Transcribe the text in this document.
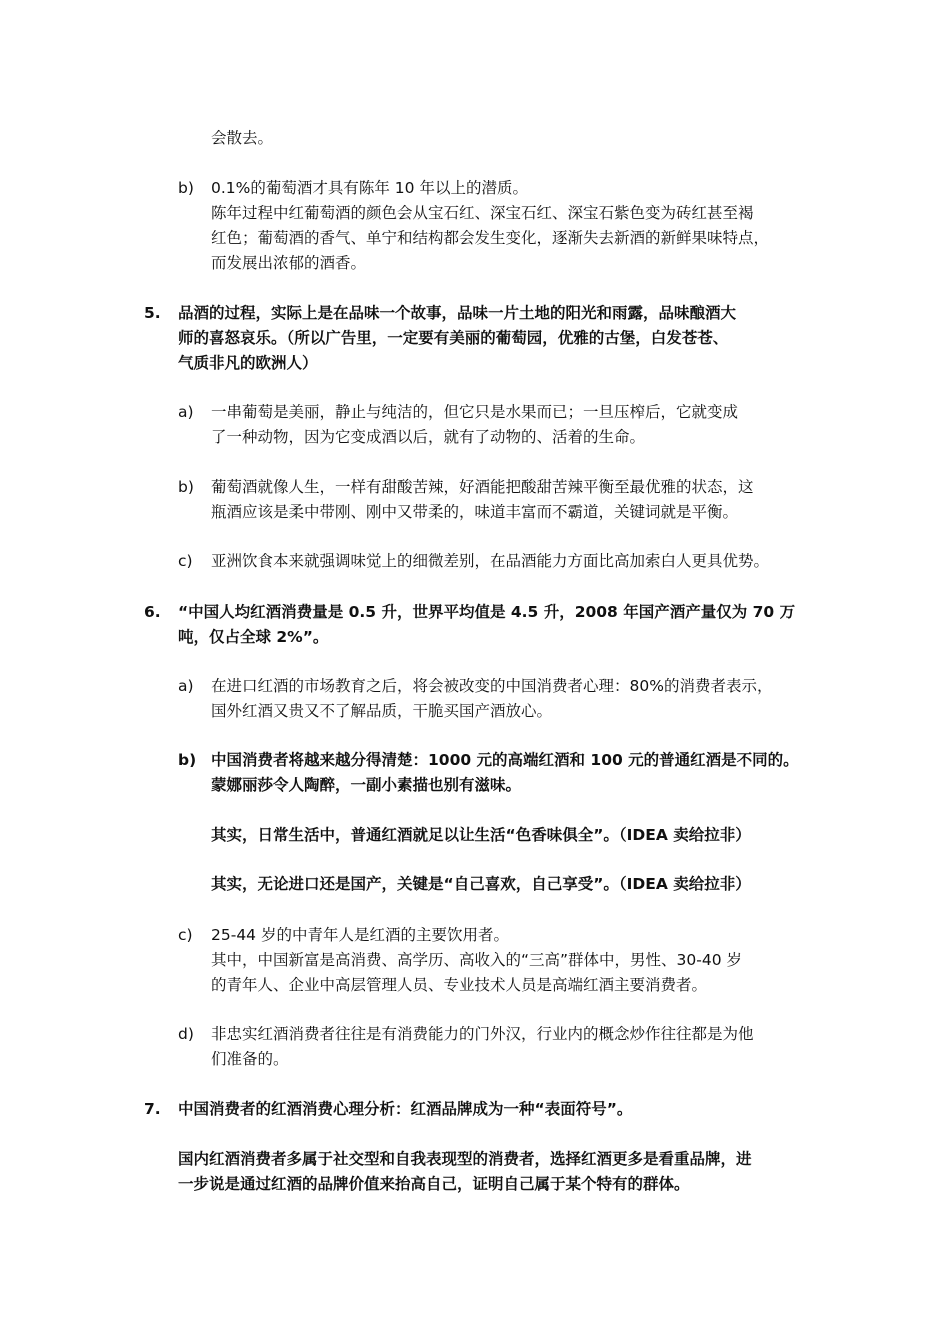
会散去。
b)	0.1%的葡萄酒才具有陈年 10 年以上的潜质。
陈年过程中红葡萄酒的颜色会从宝石红、深宝石红、深宝石紫色变为砖红甚至褐
红色；葡萄酒的香气、单宁和结构都会发生变化，逐渐失去新酒的新鲜果味特点，
而发展出浓郁的酒香。
5.	品酒的过程，实际上是在品味一个故事，品味一片土地的阳光和雨露，品味酿酒大
师的喜怒哀乐。（所以广告里，一定要有美丽的葡萄园，优雅的古堡，白发苍苍、
气质非凡的欧洲人）
a)	一串葡萄是美丽，静止与纯洁的，但它只是水果而已；一旦压榨后，它就变成
了一种动物，因为它变成酒以后，就有了动物的、活着的生命。
b)	葡萄酒就像人生，一样有甜酸苦辣，好酒能把酸甜苦辣平衡至最优雅的状态，这
瓶酒应该是柔中带刚、刚中又带柔的，味道丰富而不霸道，关键词就是平衡。
c)	亚洲饮食本来就强调味觉上的细微差别，在品酒能力方面比高加索白人更具优势。
6.	“中国人均红酒消费量是 0.5 升，世界平均值是 4.5 升，2008 年国产酒产量仅为 70 万
吨，仅占全球 2%”。
a)	在进口红酒的市场教育之后，将会被改变的中国消费者心理：80%的消费者表示，
国外红酒又贵又不了解品质，干脆买国产酒放心。
b) 中国消费者将越来越分得清楚：1000 元的高端红酒和 100 元的普通红酒是不同的。
蒙娜丽莎令人陶醉，一副小素描也别有滋味。
其实，日常生活中，普通红酒就足以让生活“色香味俱全”。（IDEA 卖给拉非）
其实，无论进口还是国产，关键是“自己喜欢，自己享受”。（IDEA 卖给拉非）
c)	25-44 岁的中青年人是红酒的主要饮用者。
其中，中国新富是高消费、高学历、高收入的“三高”群体中，男性、30-40 岁
的青年人、企业中高层管理人员、专业技术人员是高端红酒主要消费者。
d)	非忠实红酒消费者往往是有消费能力的门外汉，行业内的概念炒作往往都是为他
们准备的。
7.	中国消费者的红酒消费心理分析：红酒品牌成为一种“表面符号”。
国内红酒消费者多属于社交型和自我表现型的消费者，选择红酒更多是看重品牌，进
一步说是通过红酒的品牌价值来抬高自己，证明自己属于某个特有的群体。
